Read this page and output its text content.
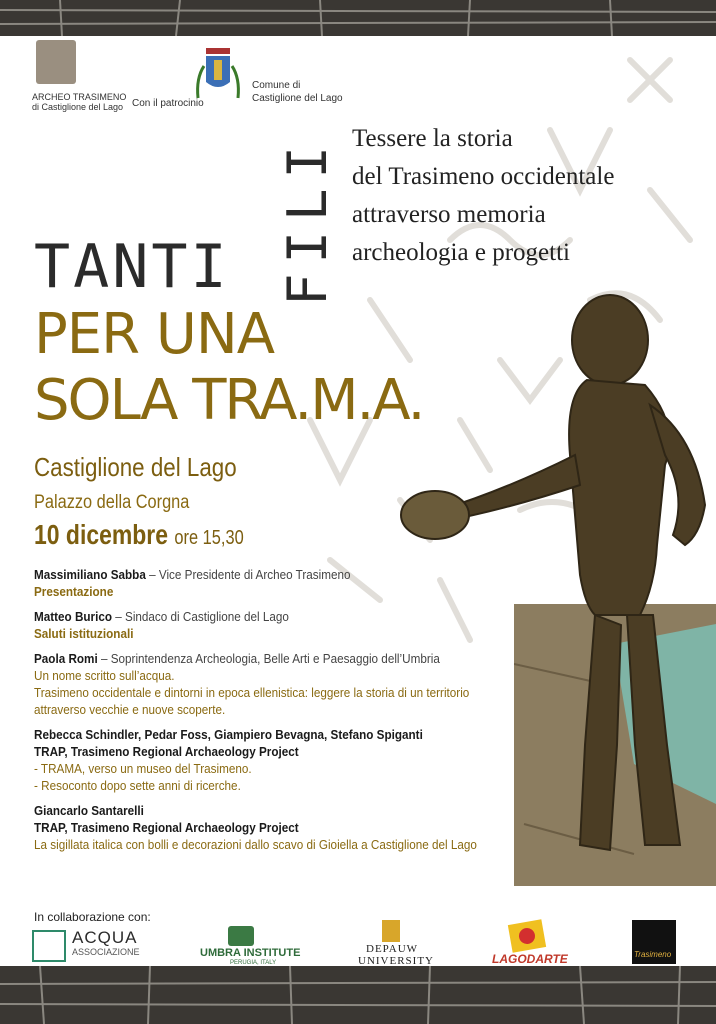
ARCHEO TRASIMENO
di Castiglione del Lago Con il patrocinio
Comune di
Castiglione del Lago
Tessere la storia
del Trasimeno occidentale
attraverso memoria
archeologia e progetti
FILI
TANTI
PER UNA
SOLA TRA.M.A.
Castiglione del Lago
Palazzo della Corgna
10 dicembre ore 15,30
Massimiliano Sabba – Vice Presidente di Archeo Trasimeno
Presentazione
Matteo Burico – Sindaco di Castiglione del Lago
Saluti istituzionali
Paola Romi – Soprintendenza Archeologia, Belle Arti e Paesaggio dell’Umbria
Un nome scritto sull’acqua.
Trasimeno occidentale e dintorni in epoca ellenistica: leggere la storia di un territorio
attraverso vecchie e nuove scoperte.
Rebecca Schindler, Pedar Foss, Giampiero Bevagna, Stefano Spiganti
TRAP, Trasimeno Regional Archaeology Project
- TRAMA, verso un museo del Trasimeno.
- Resoconto dopo sette anni di ricerche.
Giancarlo Santarelli
TRAP, Trasimeno Regional Archaeology Project
La sigillata italica con bolli e decorazioni dallo scavo di Gioiella a Castiglione del Lago
In collaborazione con:
ACQUA
ASSOCIAZIONE	UMBRA INSTITUTE
PERUGIA, ITALY
DEPAUW
UNIVERSITY	LAGODARTE	Trasimeno
